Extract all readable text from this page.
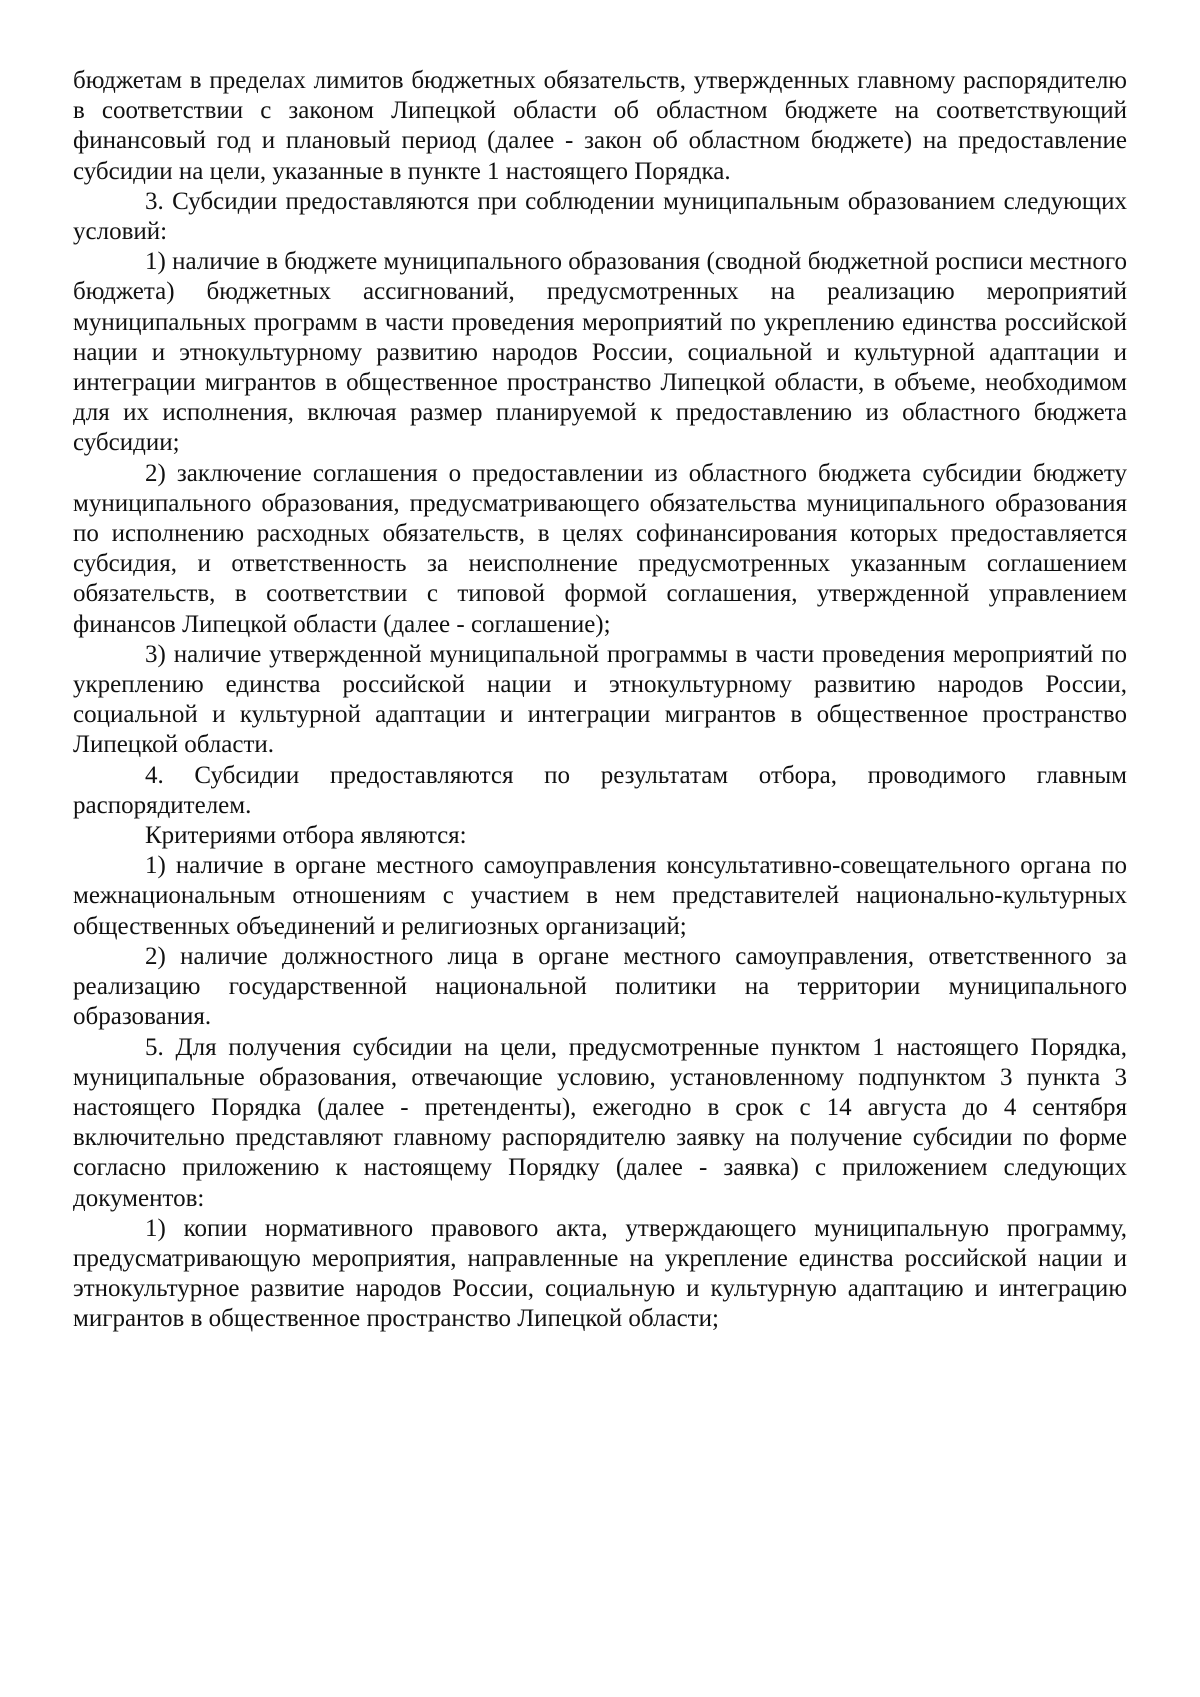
бюджетам в пределах лимитов бюджетных обязательств, утвержденных главному распорядителю в соответствии с законом Липецкой области об областном бюджете на соответствующий финансовый год и плановый период (далее - закон об областном бюджете) на предоставление субсидии на цели, указанные в пункте 1 настоящего Порядка.

3. Субсидии предоставляются при соблюдении муниципальным образованием следующих условий:

1) наличие в бюджете муниципального образования (сводной бюджетной росписи местного бюджета) бюджетных ассигнований, предусмотренных на реализацию мероприятий муниципальных программ в части проведения мероприятий по укреплению единства российской нации и этнокультурному развитию народов России, социальной и культурной адаптации и интеграции мигрантов в общественное пространство Липецкой области, в объеме, необходимом для их исполнения, включая размер планируемой к предоставлению из областного бюджета субсидии;

2) заключение соглашения о предоставлении из областного бюджета субсидии бюджету муниципального образования, предусматривающего обязательства муниципального образования по исполнению расходных обязательств, в целях софинансирования которых предоставляется субсидия, и ответственность за неисполнение предусмотренных указанным соглашением обязательств, в соответствии с типовой формой соглашения, утвержденной управлением финансов Липецкой области (далее - соглашение);

3) наличие утвержденной муниципальной программы в части проведения мероприятий по укреплению единства российской нации и этнокультурному развитию народов России, социальной и культурной адаптации и интеграции мигрантов в общественное пространство Липецкой области.

4. Субсидии предоставляются по результатам отбора, проводимого главным распорядителем.

Критериями отбора являются:

1) наличие в органе местного самоуправления консультативно-совещательного органа по межнациональным отношениям с участием в нем представителей национально-культурных общественных объединений и религиозных организаций;

2) наличие должностного лица в органе местного самоуправления, ответственного за реализацию государственной национальной политики на территории муниципального образования.

5. Для получения субсидии на цели, предусмотренные пунктом 1 настоящего Порядка, муниципальные образования, отвечающие условию, установленному подпунктом 3 пункта 3 настоящего Порядка (далее - претенденты), ежегодно в срок с 14 августа до 4 сентября включительно представляют главному распорядителю заявку на получение субсидии по форме согласно приложению к настоящему Порядку (далее - заявка) с приложением следующих документов:

1) копии нормативного правового акта, утверждающего муниципальную программу, предусматривающую мероприятия, направленные на укрепление единства российской нации и этнокультурное развитие народов России, социальную и культурную адаптацию и интеграцию мигрантов в общественное пространство Липецкой области;
